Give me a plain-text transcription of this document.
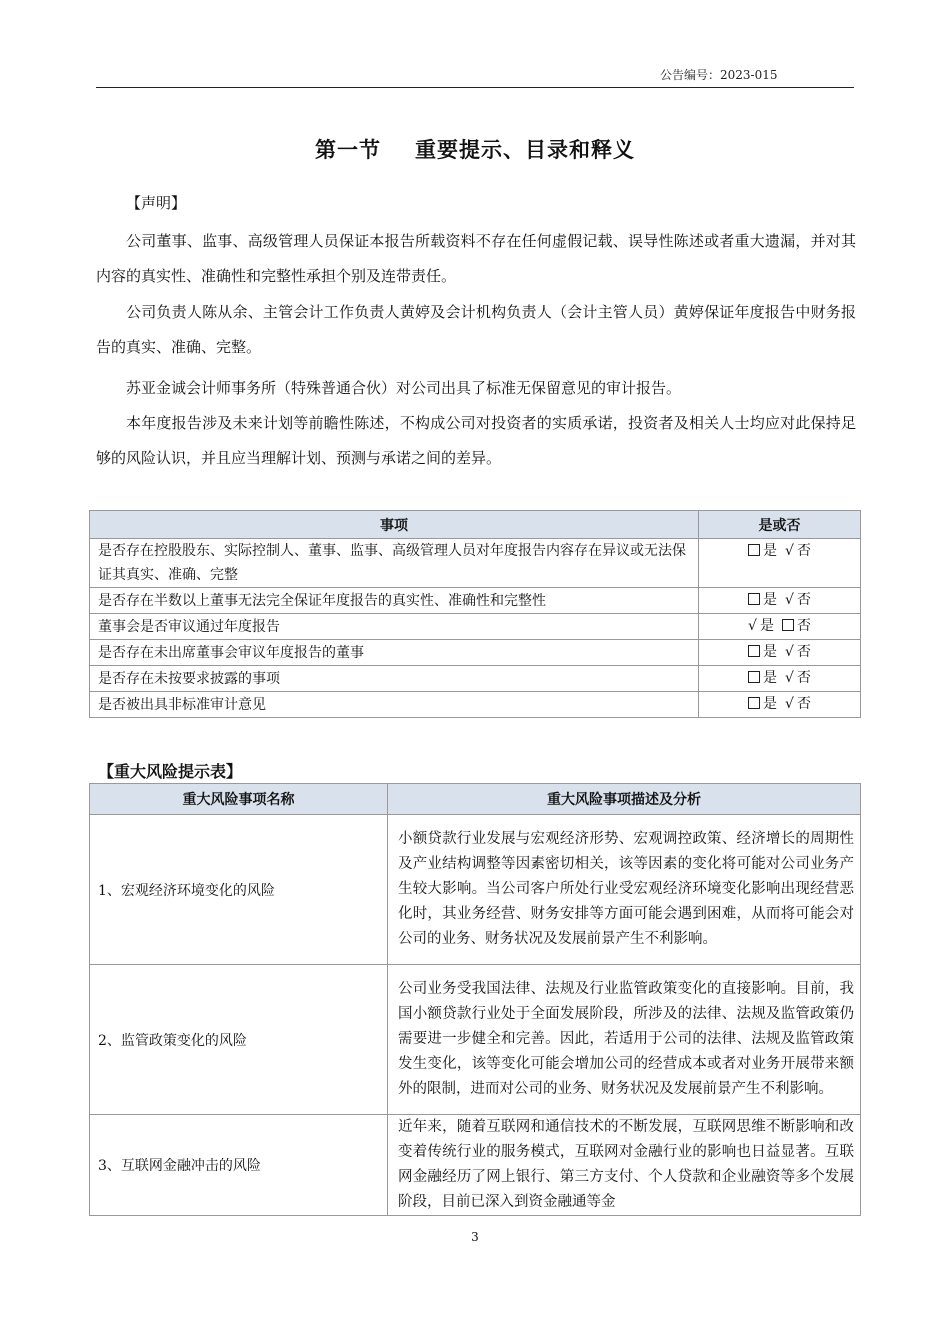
公告编号：2023-015
第一节 重要提示、目录和释义
【声明】

公司董事、监事、高级管理人员保证本报告所载资料不存在任何虚假记载、误导性陈述或者重大遗漏，并对其内容的真实性、准确性和完整性承担个别及连带责任。

公司负责人陈从余、主管会计工作负责人黄婷及会计机构负责人（会计主管人员）黄婷保证年度报告中财务报告的真实、准确、完整。

苏亚金诚会计师事务所（特殊普通合伙）对公司出具了标准无保留意见的审计报告。

本年度报告涉及未来计划等前瞻性陈述，不构成公司对投资者的实质承诺，投资者及相关人士均应对此保持足够的风险认识，并且应当理解计划、预测与承诺之间的差异。

事项	是或否
是否存在控股股东、实际控制人、董事、监事、高级管理人员对年度报告内容存在异议或无法保证其真实、准确、完整	是 √ 否
是否存在半数以上董事无法完全保证年度报告的真实性、准确性和完整性	是 √ 否
董事会是否审议通过年度报告	√ 是 否
是否存在未出席董事会审议年度报告的董事	是 √ 否
是否存在未按要求披露的事项	是 √ 否
是否被出具非标准审计意见	是 √ 否
【重大风险提示表】
重大风险事项名称	重大风险事项描述及分析
1、宏观经济环境变化的风险	小额贷款行业发展与宏观经济形势、宏观调控政策、经济增长的周期性及产业结构调整等因素密切相关，该等因素的变化将可能对公司业务产生较大影响。当公司客户所处行业受宏观经济环境变化影响出现经营恶化时，其业务经营、财务安排等方面可能会遇到困难，从而将可能会对公司的业务、财务状况及发展前景产生不利影响。
2、监管政策变化的风险	公司业务受我国法律、法规及行业监管政策变化的直接影响。目前，我国小额贷款行业处于全面发展阶段，所涉及的法律、法规及监管政策仍需要进一步健全和完善。因此，若适用于公司的法律、法规及监管政策发生变化，该等变化可能会增加公司的经营成本或者对业务开展带来额外的限制，进而对公司的业务、财务状况及发展前景产生不利影响。
3、互联网金融冲击的风险	近年来，随着互联网和通信技术的不断发展，互联网思维不断影响和改变着传统行业的服务模式，互联网对金融行业的影响也日益显著。互联网金融经历了网上银行、第三方支付、个人贷款和企业融资等多个发展阶段，目前已深入到资金融通等金
3
